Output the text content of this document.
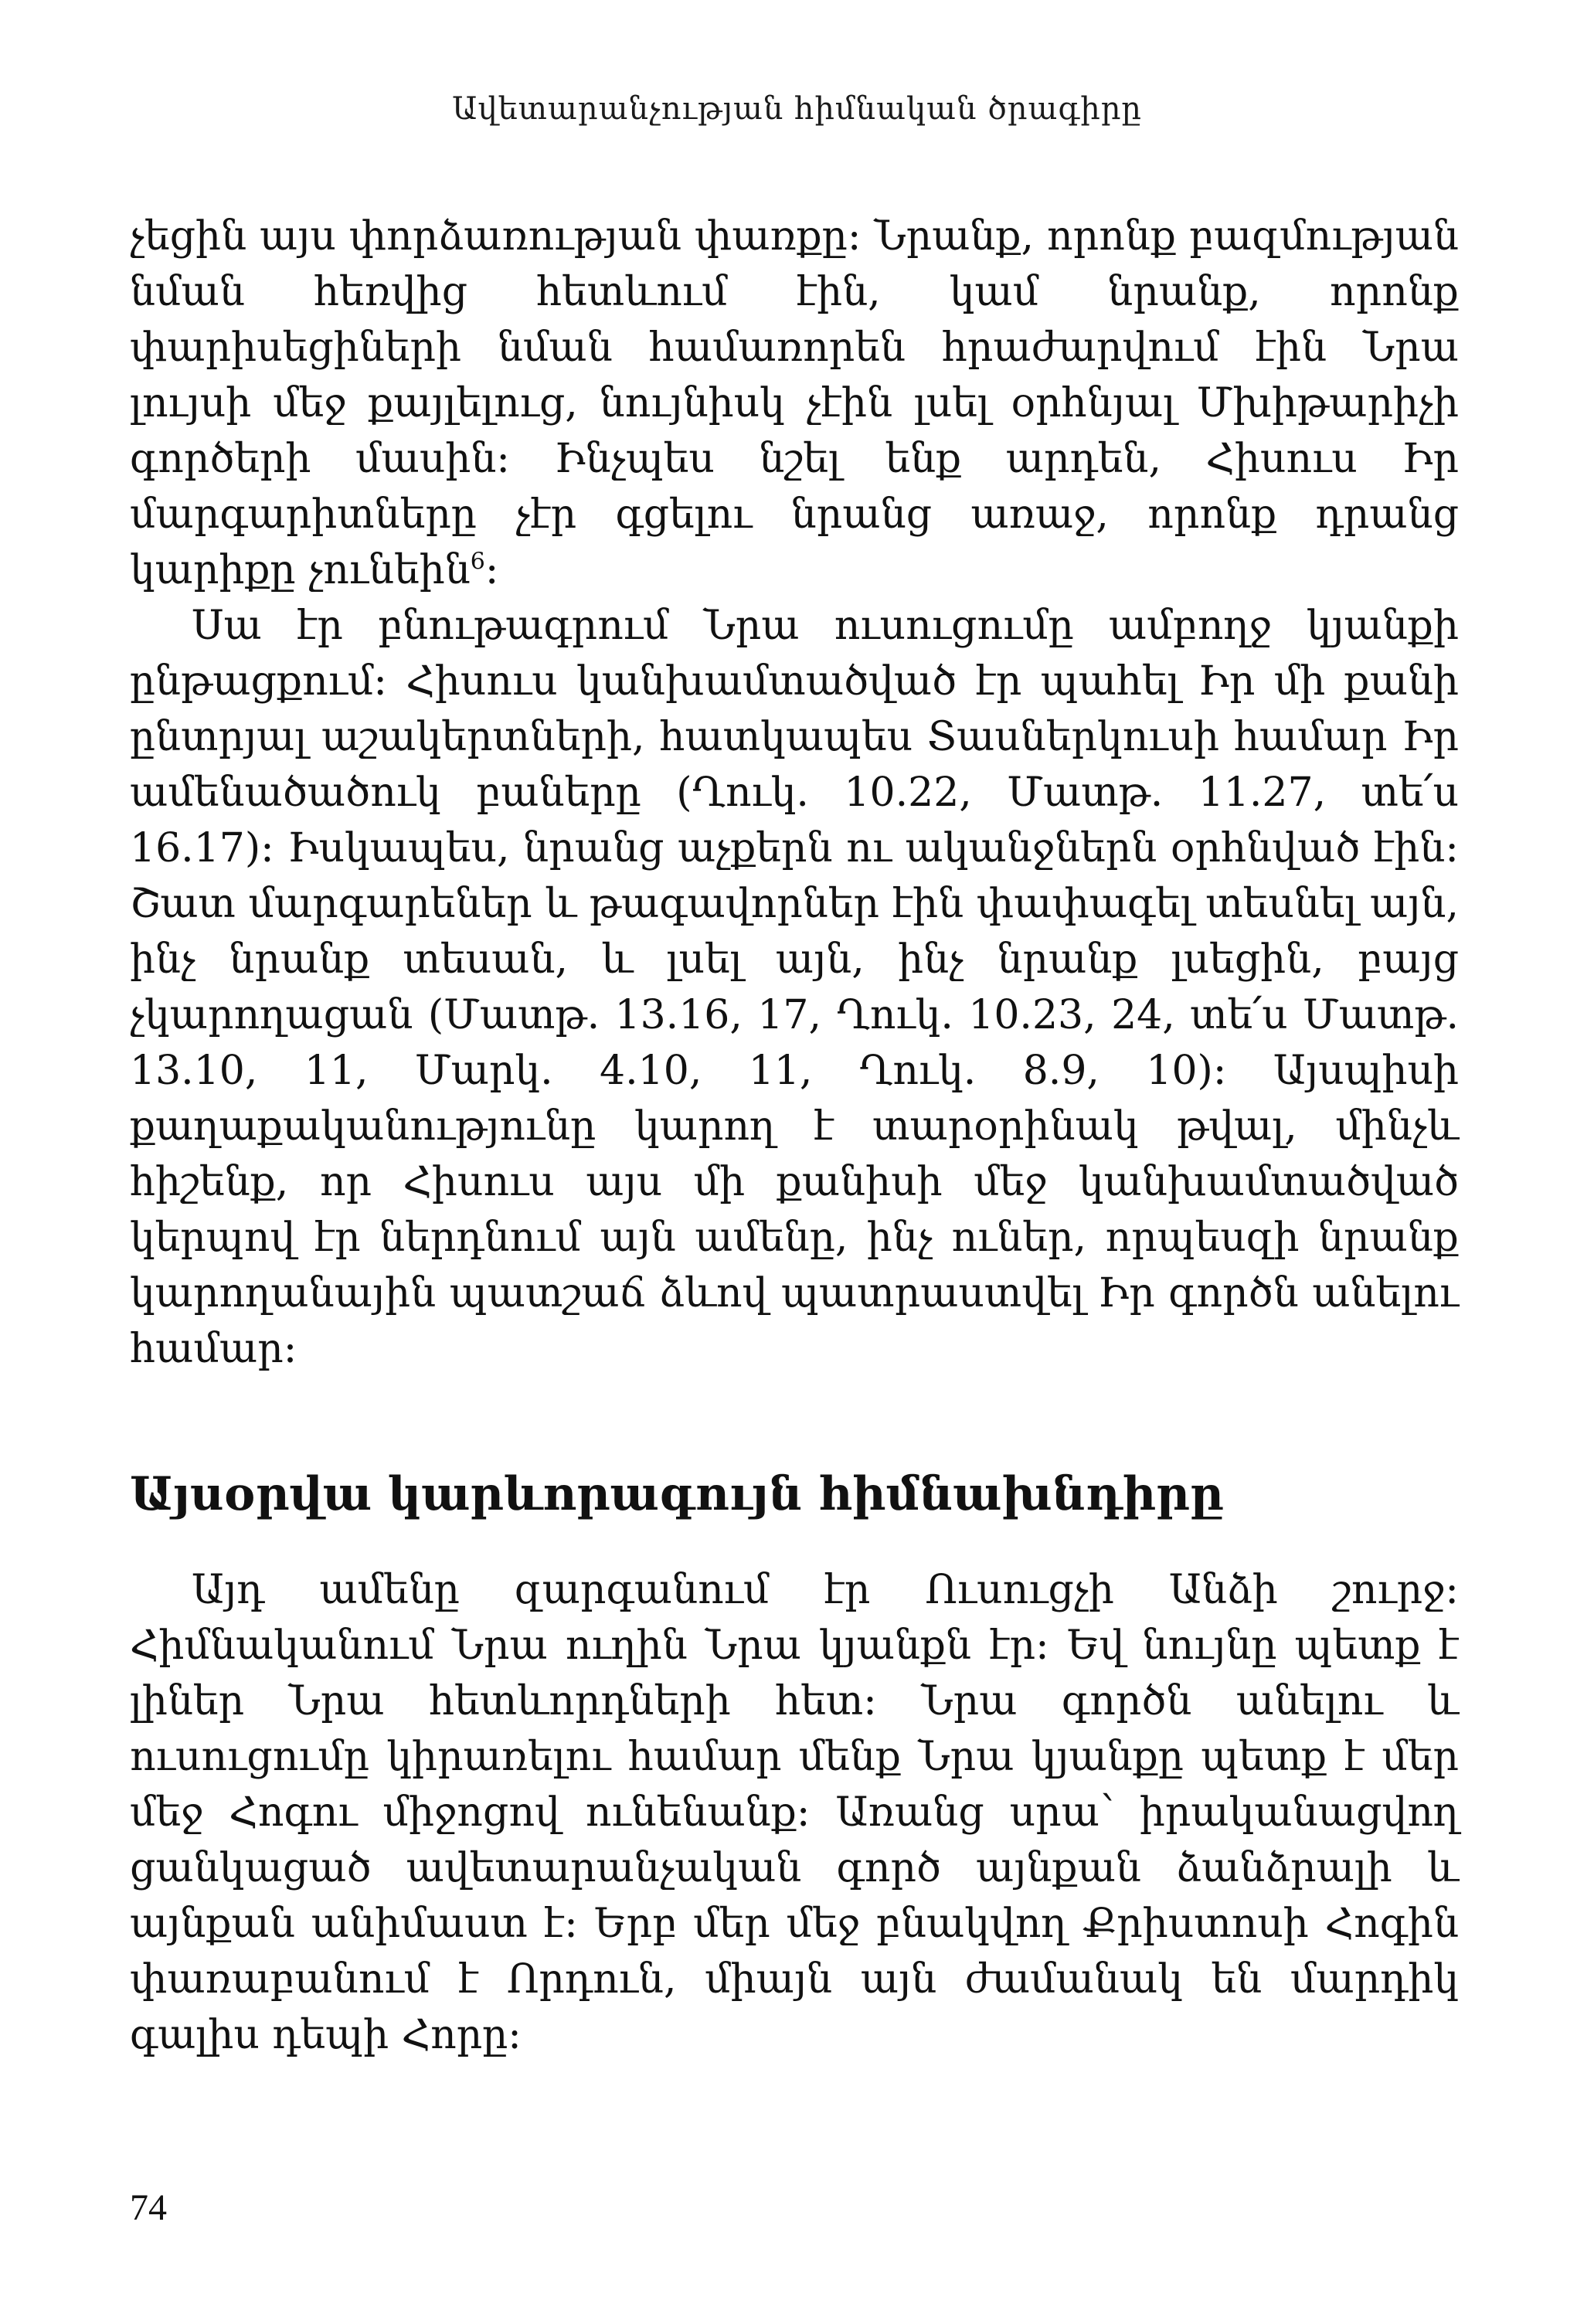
Ավետարանչության հիմնական ծրագիրը

չեցին այս փորձառության փառքը։ Նրանք, որոնք բազմության նման հեռվից հետևում էին, կամ նրանք, որոնք փարիսեցիների նման համառորեն հրաժարվում էին Նրա լույսի մեջ քայլելուց, նույնիսկ չէին լսել օրհնյալ Մխիթարիչի գործերի մասին։ Ինչպես նշել ենք արդեն, Հիսուս Իր մարգարիտները չէր գցելու նրանց առաջ, որոնք դրանց կարիքը չունեին$^6$։

Սա էր բնութագրում Նրա ուսուցումը ամբողջ կյանքի ընթացքում։ Հիսուս կանխամտածված էր պահել Իր մի քանի ընտրյալ աշակերտների, հատկապես Տասներկուսի համար Իր ամենածածուկ բաները (Ղուկ. 10.22, Մատթ. 11.27, տե՛ս 16.17)։ Իսկապես, նրանց աչքերն ու ականջներն օրհնված էին։ Շատ մարգարեներ և թագավորներ էին փափագել տեսնել այն, ինչ նրանք տեսան, և լսել այն, ինչ նրանք լսեցին, բայց չկարողացան (Մատթ. 13.16, 17, Ղուկ. 10.23, 24, տե՛ս Մատթ. 13.10, 11, Մարկ. 4.10, 11, Ղուկ. 8.9, 10)։ Այսպիսի քաղաքականությունը կարող է տարօրինակ թվալ, մինչև հիշենք, որ Հիսուս այս մի քանիսի մեջ կանխամտածված կերպով էր ներդնում այն ամենը, ինչ ուներ, որպեսզի նրանք կարողանային պատշաճ ձևով պատրաստվել Իր գործն անելու համար։

Այսօրվա կարևորագույն հիմնախնդիրը

Այդ ամենը զարգանում էր Ուսուցչի Անձի շուրջ։ Հիմնականում Նրա ուղին Նրա կյանքն էր։ Եվ նույնը պետք է լիներ Նրա հետևորդների հետ։ Նրա գործն անելու և ուսուցումը կիրառելու համար մենք Նրա կյանքը պետք է մեր մեջ Հոգու միջոցով ունենանք։ Առանց սրա՝ իրականացվող ցանկացած ավետարանչական գործ այնքան ձանձրալի և այնքան անիմաստ է։ Երբ մեր մեջ բնակվող Քրիստոսի Հոգին փառաբանում է Որդուն, միայն այն ժամանակ են մարդիկ գալիս դեպի Հորը։

74
